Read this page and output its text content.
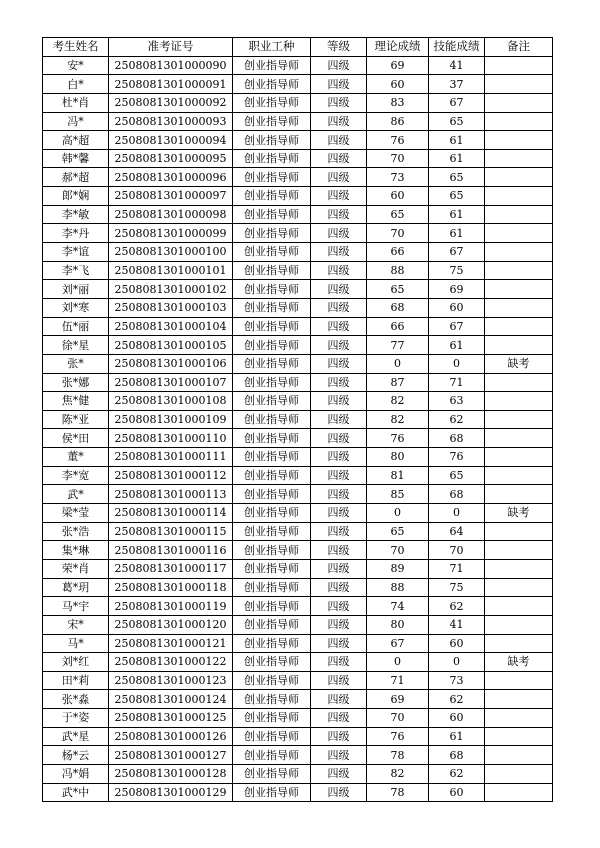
考生姓名	准考证号	职业工种	等级	理论成绩	技能成绩	备注
安*	2508081301000090	创业指导师	四级	69	41	
白*	2508081301000091	创业指导师	四级	60	37	
杜*肖	2508081301000092	创业指导师	四级	83	67	
冯*	2508081301000093	创业指导师	四级	86	65	
高*超	2508081301000094	创业指导师	四级	76	61	
韩*馨	2508081301000095	创业指导师	四级	70	61	
郝*超	2508081301000096	创业指导师	四级	73	65	
郎*娴	2508081301000097	创业指导师	四级	60	65	
李*敏	2508081301000098	创业指导师	四级	65	61	
李*丹	2508081301000099	创业指导师	四级	70	61	
李*谊	2508081301000100	创业指导师	四级	66	67	
李*飞	2508081301000101	创业指导师	四级	88	75	
刘*丽	2508081301000102	创业指导师	四级	65	69	
刘*寒	2508081301000103	创业指导师	四级	68	60	
伍*丽	2508081301000104	创业指导师	四级	66	67	
徐*星	2508081301000105	创业指导师	四级	77	61	
张*	2508081301000106	创业指导师	四级	0	0	缺考
张*娜	2508081301000107	创业指导师	四级	87	71	
焦*健	2508081301000108	创业指导师	四级	82	63	
陈*亚	2508081301000109	创业指导师	四级	82	62	
侯*田	2508081301000110	创业指导师	四级	76	68	
董*	2508081301000111	创业指导师	四级	80	76	
李*宽	2508081301000112	创业指导师	四级	81	65	
武*	2508081301000113	创业指导师	四级	85	68	
梁*莹	2508081301000114	创业指导师	四级	0	0	缺考
张*浩	2508081301000115	创业指导师	四级	65	64	
集*琳	2508081301000116	创业指导师	四级	70	70	
荣*肖	2508081301000117	创业指导师	四级	89	71	
葛*玥	2508081301000118	创业指导师	四级	88	75	
马*宇	2508081301000119	创业指导师	四级	74	62	
宋*	2508081301000120	创业指导师	四级	80	41	
马*	2508081301000121	创业指导师	四级	67	60	
刘*红	2508081301000122	创业指导师	四级	0	0	缺考
田*莉	2508081301000123	创业指导师	四级	71	73	
张*淼	2508081301000124	创业指导师	四级	69	62	
于*姿	2508081301000125	创业指导师	四级	70	60	
武*星	2508081301000126	创业指导师	四级	76	61	
杨*云	2508081301000127	创业指导师	四级	78	68	
冯*娟	2508081301000128	创业指导师	四级	82	62	
武*中	2508081301000129	创业指导师	四级	78	60	
